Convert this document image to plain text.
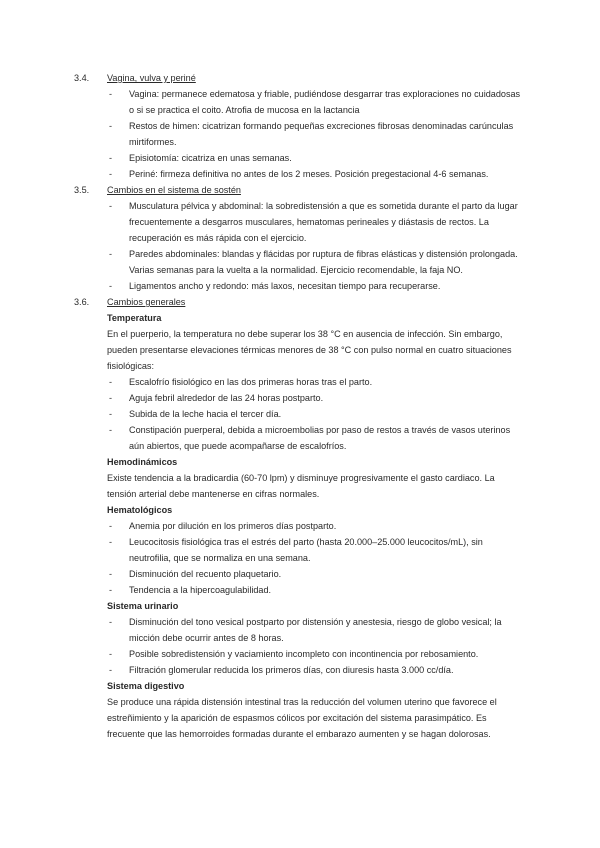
3.4. Vagina, vulva y periné
- Vagina: permanece edematosa y friable, pudiéndose desgarrar tras exploraciones no cuidadosas o si se practica el coito. Atrofia de mucosa en la lactancia
- Restos de himen: cicatrizan formando pequeñas excreciones fibrosas denominadas carúnculas mirtiformes.
- Episiotomía: cicatriza en unas semanas.
- Periné: firmeza definitiva no antes de los 2 meses. Posición pregestacional 4-6 semanas.
3.5. Cambios en el sistema de sostén
- Musculatura pélvica y abdominal: la sobredistensión a que es sometida durante el parto da lugar frecuentemente a desgarros musculares, hematomas perineales y diástasis de rectos. La recuperación es más rápida con el ejercicio.
- Paredes abdominales: blandas y flácidas por ruptura de fibras elásticas y distensión prolongada. Varias semanas para la vuelta a la normalidad. Ejercicio recomendable, la faja NO.
- Ligamentos ancho y redondo: más laxos, necesitan tiempo para recuperarse.
3.6. Cambios generales
Temperatura
En el puerperio, la temperatura no debe superar los 38 °C en ausencia de infección. Sin embargo, pueden presentarse elevaciones térmicas menores de 38 °C con pulso normal en cuatro situaciones fisiológicas:
- Escalofrío fisiológico en las dos primeras horas tras el parto.
- Aguja febril alrededor de las 24 horas postparto.
- Subida de la leche hacia el tercer día.
- Constipación puerperal, debida a microembolias por paso de restos a través de vasos uterinos aún abiertos, que puede acompañarse de escalofríos.
Hemodinámicos
Existe tendencia a la bradicardia (60-70 lpm) y disminuye progresivamente el gasto cardiaco. La tensión arterial debe mantenerse en cifras normales.
Hematológicos
- Anemia por dilución en los primeros días postparto.
- Leucocitosis fisiológica tras el estrés del parto (hasta 20.000–25.000 leucocitos/mL), sin neutrofilia, que se normaliza en una semana.
- Disminución del recuento plaquetario.
- Tendencia a la hipercoagulabilidad.
Sistema urinario
- Disminución del tono vesical postparto por distensión y anestesia, riesgo de globo vesical; la micción debe ocurrir antes de 8 horas.
- Posible sobredistensión y vaciamiento incompleto con incontinencia por rebosamiento.
- Filtración glomerular reducida los primeros días, con diuresis hasta 3.000 cc/día.
Sistema digestivo
Se produce una rápida distensión intestinal tras la reducción del volumen uterino que favorece el estreñimiento y la aparición de espasmos cólicos por excitación del sistema parasimpático. Es frecuente que las hemorroides formadas durante el embarazo aumenten y se hagan dolorosas.
